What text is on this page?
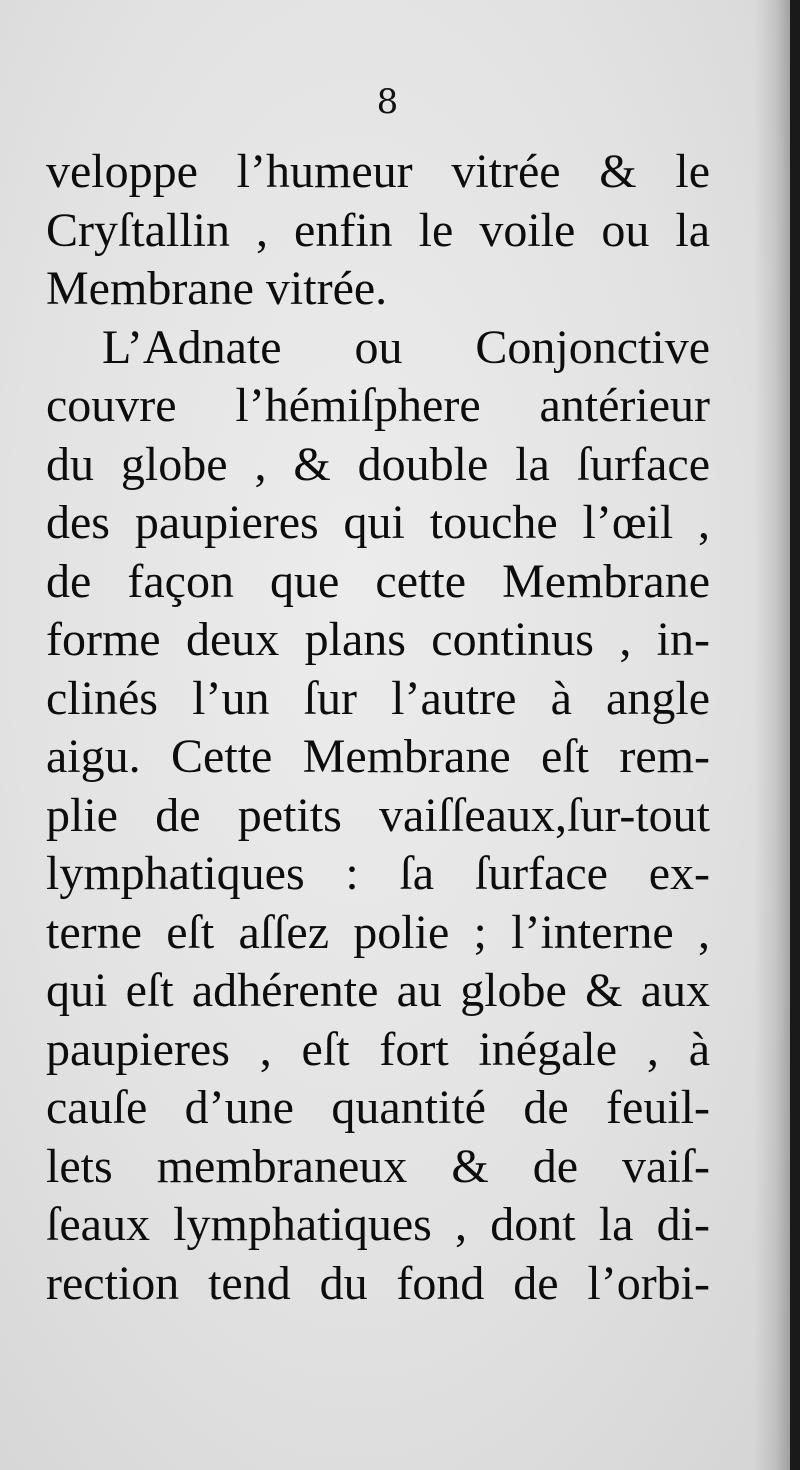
8
veloppe l’humeur vitrée & le
Cryſtallin , enfin le voile ou la
Membrane vitrée.
L’Adnate ou Conjonctive
couvre l’hémiſphere antérieur
du globe , & double la ſurface
des paupieres qui touche l’œil ,
de façon que cette Membrane
forme deux plans continus , in-
clinés l’un ſur l’autre à angle
aigu. Cette Membrane eſt rem-
plie de petits vaiſſeaux,ſur-tout
lymphatiques : ſa ſurface ex-
terne eſt aſſez polie ; l’interne ,
qui eſt adhérente au globe & aux
paupieres , eſt fort inégale , à
cauſe d’une quantité de feuil-
lets membraneux & de vaiſ-
ſeaux lymphatiques , dont la di-
rection tend du fond de l’orbi-
